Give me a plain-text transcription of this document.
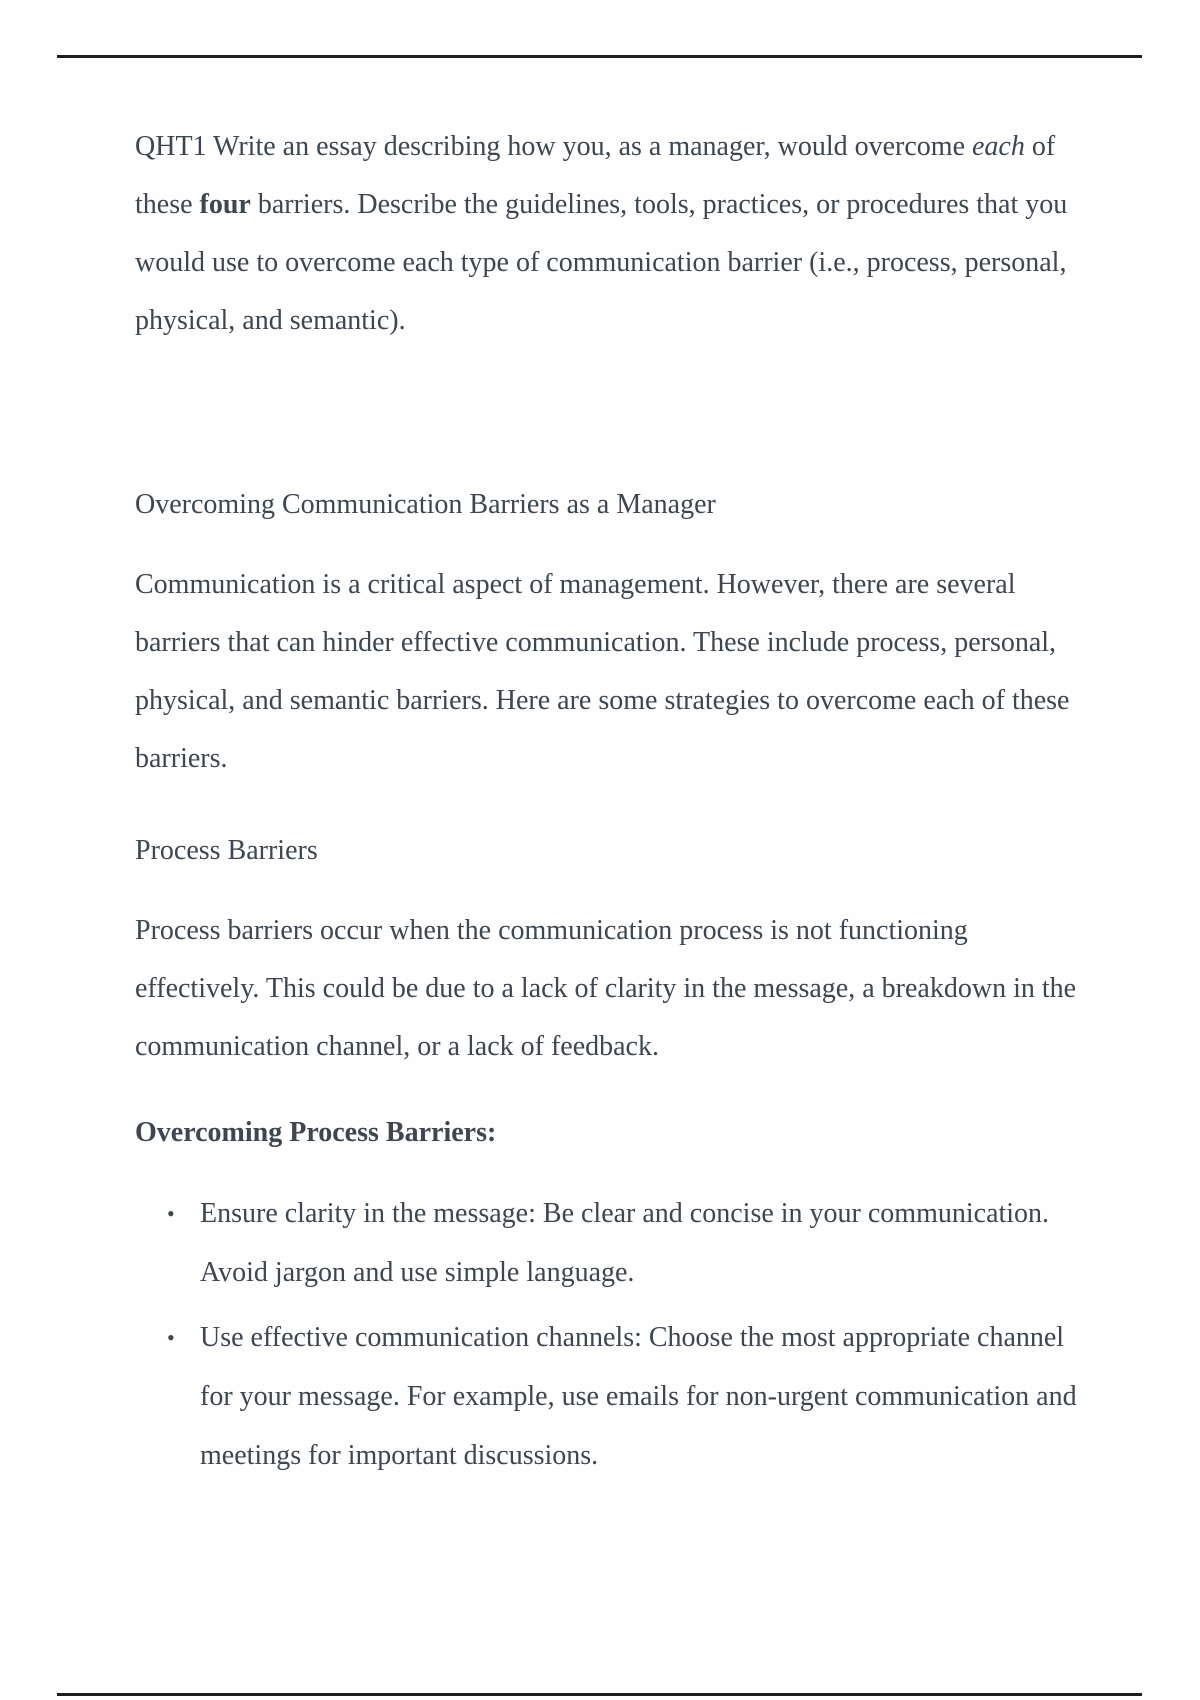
QHT1 Write an essay describing how you, as a manager, would overcome each of these four barriers. Describe the guidelines, tools, practices, or procedures that you would use to overcome each type of communication barrier (i.e., process, personal, physical, and semantic).

Overcoming Communication Barriers as a Manager

Communication is a critical aspect of management. However, there are several barriers that can hinder effective communication. These include process, personal, physical, and semantic barriers. Here are some strategies to overcome each of these barriers.

Process Barriers

Process barriers occur when the communication process is not functioning effectively. This could be due to a lack of clarity in the message, a breakdown in the communication channel, or a lack of feedback.

Overcoming Process Barriers:

• Ensure clarity in the message: Be clear and concise in your communication. Avoid jargon and use simple language.
• Use effective communication channels: Choose the most appropriate channel for your message. For example, use emails for non-urgent communication and meetings for important discussions.
